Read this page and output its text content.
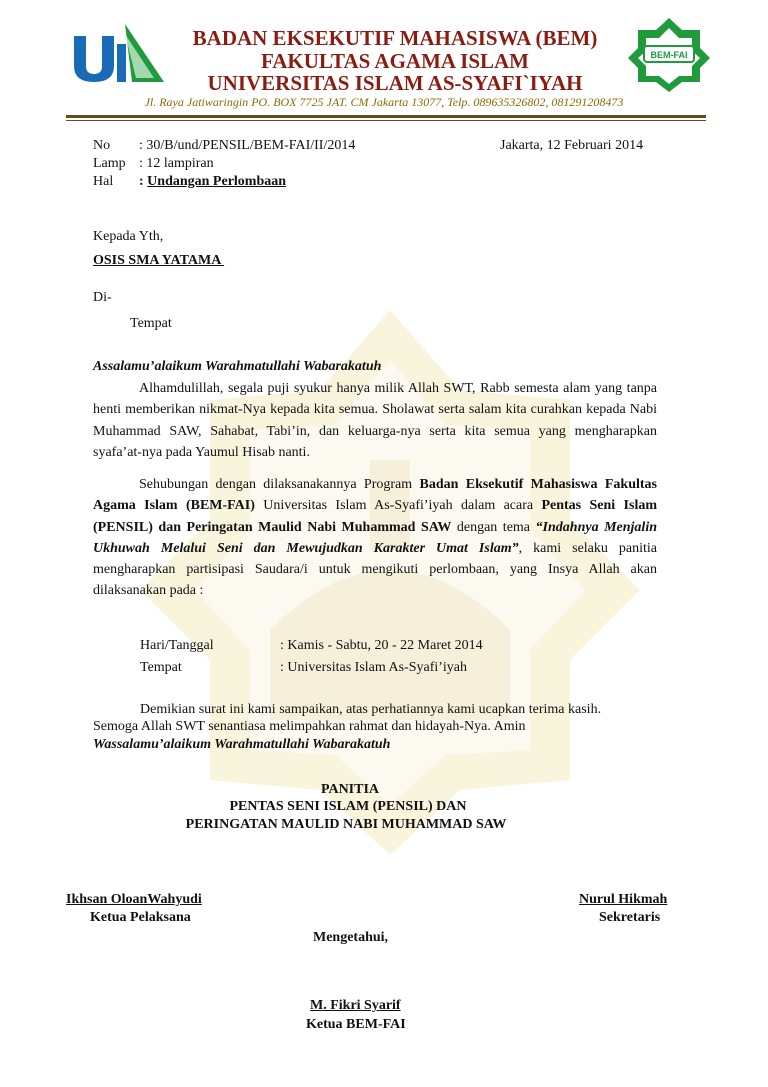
BEM-FAI
BADAN EKSEKUTIF MAHASISWA (BEM)
FAKULTAS AGAMA ISLAM
UNIVERSITAS ISLAM AS-SYAFI`IYAH
Jl. Raya Jatiwaringin PO. BOX 7725 JAT. CM Jakarta 13077, Telp. 089635326802, 081291208473
No : 30/B/und/PENSIL/BEM-FAI/II/2014	Jakarta, 12 Februari 2014
Lamp : 12 lampiran
Hal : Undangan Perlombaan
Kepada Yth,
OSIS SMA YATAMA
Di-
Tempat
Assalamu’alaikum Warahmatullahi Wabarakatuh
Alhamdulillah, segala puji syukur hanya milik Allah SWT, Rabb semesta alam yang tanpa henti memberikan nikmat-Nya kepada kita semua. Sholawat serta salam kita curahkan kepada Nabi Muhammad SAW, Sahabat, Tabi’in, dan keluarga-nya serta kita semua yang mengharapkan syafa’at-nya pada Yaumul Hisab nanti.
Sehubungan dengan dilaksanakannya Program Badan Eksekutif Mahasiswa Fakultas Agama Islam (BEM-FAI) Universitas Islam As-Syafi’iyah dalam acara Pentas Seni Islam (PENSIL) dan Peringatan Maulid Nabi Muhammad SAW dengan tema “Indahnya Menjalin Ukhuwah Melalui Seni dan Mewujudkan Karakter Umat Islam”, kami selaku panitia mengharapkan partisipasi Saudara/i untuk mengikuti perlombaan, yang Insya Allah akan dilaksanakan pada :
Hari/Tanggal	: Kamis - Sabtu, 20 - 22 Maret 2014
Tempat	: Universitas Islam As-Syafi’iyah
Demikian surat ini kami sampaikan, atas perhatiannya kami ucapkan terima kasih.
Semoga Allah SWT senantiasa melimpahkan rahmat dan hidayah-Nya. Amin
Wassalamu’alaikum Warahmatullahi Wabarakatuh
PANITIA
PENTAS SENI ISLAM (PENSIL) DAN
PERINGATAN MAULID NABI MUHAMMAD SAW
Ikhsan OloanWahyudi
Ketua Pelaksana
Nurul Hikmah
Sekretaris
Mengetahui,
M. Fikri Syarif
Ketua BEM-FAI
